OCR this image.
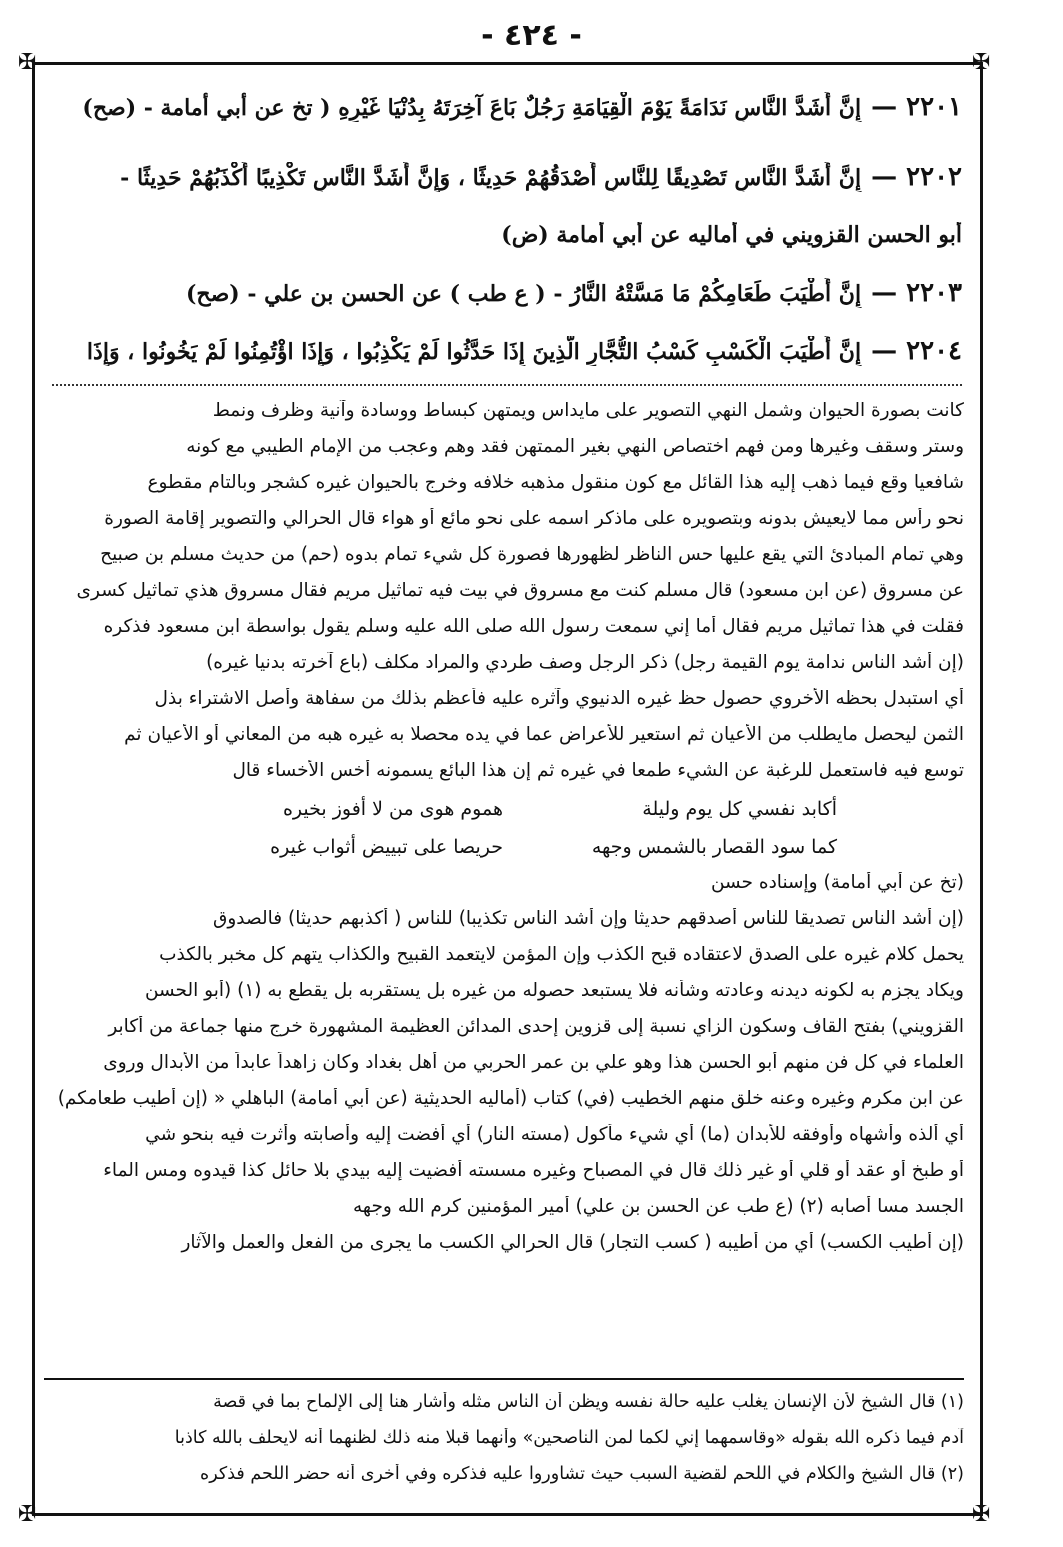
- ٤٢٤ -
✠	✠
✠	✠
٢٢٠١ —إِنَّ أَشَدَّ النَّاسِ نَدَامَةً يَوْمَ الْقِيَامَةِ رَجُلٌ بَاعَ آخِرَتَهُ بِدُنْيَا غَيْرِهِ ( تخ عن أبي أمامة - (صح)
٢٢٠٢ —إِنَّ أَشَدَّ النَّاسِ تَصْدِيقًا لِلنَّاسِ أَصْدَقُهُمْ حَدِيثًا ، وَإِنَّ أَشَدَّ النَّاسِ تَكْذِيبًا أَكْذَبُهُمْ حَدِيثًا -
أبو الحسن القزويني في أماليه عن أبي أمامة (ض)
٢٢٠٣ —إِنَّ أَطْيَبَ طَعَامِكُمْ مَا مَسَّتْهُ النَّارُ - ( ع طب ) عن الحسن بن علي - (صح)
٢٢٠٤ —إِنَّ أَطْيَبَ الْكَسْبِ كَسْبُ التُّجَّارِ الَّذِينَ إِذَا حَدَّثُوا لَمْ يَكْذِبُوا ، وَإِذَا اؤْتُمِنُوا لَمْ يَخُونُوا ، وَإِذَا
كانت بصورة الحيوان وشمل النهي التصوير على مايداس ويمتهن كبساط ووسادة وآنية وظرف ونمط
وستر وسقف وغيرها ومن فهم اختصاص النهي بغير الممتهن فقد وهم وعجب من الإمام الطيبي مع كونه
شافعيا وقع فيما ذهب إليه هذا القائل مع كون منقول مذهبه خلافه وخرج بالحيوان غيره كشجر وبالتام مقطوع
نحو رأس مما لايعيش بدونه وبتصويره على ماذكر اسمه على نحو مائع أو هواء قال الحرالي والتصوير إقامة الصورة
وهي تمام المبادئ التي يقع عليها حس الناظر لظهورها فصورة كل شيء تمام بدوه (حم) من حديث مسلم بن صبيح
عن مسروق (عن ابن مسعود) قال مسلم كنت مع مسروق في بيت فيه تماثيل مريم فقال مسروق هذي تماثيل كسرى
فقلت في هذا تماثيل مريم فقال أما إني سمعت رسول الله صلى الله عليه وسلم يقول بواسطة ابن مسعود فذكره
(إن أشد الناس ندامة يوم القيمة رجل) ذكر الرجل وصف طردي والمراد مكلف (باع آخرته بدنيا غيره)
أي استبدل بحظه الأخروي حصول حظ غيره الدنيوي وآثره عليه فأعظم بذلك من سفاهة وأصل الاشتراء بذل
الثمن ليحصل مايطلب من الأعيان ثم استعير للأعراض عما في يده محصلا به غيره هبه من المعاني أو الأعيان ثم
توسع فيه فاستعمل للرغبة عن الشيء طمعا في غيره ثم إن هذا البائع يسمونه أخس الأخساء قال
أكابد نفسي كل يوم وليلة
هموم هوى من لا أفوز بخيره
كما سود القصار بالشمس وجهه
حريصا على تبييض أثواب غيره
(تخ عن أبي أمامة) وإسناده حسن
(إن أشد الناس تصديقا للناس أصدقهم حديثا وإن أشد الناس تكذيبا) للناس ( أكذبهم حديثا) فالصدوق
يحمل كلام غيره على الصدق لاعتقاده قبح الكذب وإن المؤمن لايتعمد القبيح والكذاب يتهم كل مخبر بالكذب
ويكاد يجزم به لكونه ديدنه وعادته وشأنه فلا يستبعد حصوله من غيره بل يستقربه بل يقطع به (١) (أبو الحسن
القزويني) بفتح القاف وسكون الزاي نسبة إلى قزوين إحدى المدائن العظيمة المشهورة خرج منها جماعة من أكابر
العلماء في كل فن منهم أبو الحسن هذا وهو علي بن عمر الحربي من أهل بغداد وكان زاهداً عابداً من الأبدال وروى
عن ابن مكرم وغيره وعنه خلق منهم الخطيب (في) كتاب (أماليه الحديثية (عن أبي أمامة) الباهلي « (إن أطيب طعامكم)
أي ألذه وأشهاه وأوفقه للأبدان (ما) أي شيء مأكول (مسته النار) أي أفضت إليه وأصابته وأثرت فيه بنحو شي
أو طبخ أو عقد أو قلي أو غير ذلك قال في المصباح وغيره مسسته أفضيت إليه بيدي بلا حائل كذا قيدوه ومس الماء
الجسد مسا أصابه (٢) (ع طب عن الحسن بن علي) أمير المؤمنين كرم الله وجهه
(إن أطيب الكسب) أي من أطيبه ( كسب التجار) قال الحرالي الكسب ما يجرى من الفعل والعمل والآثار
(١) قال الشيخ لأن الإنسان يغلب عليه حالة نفسه ويظن أن الناس مثله وأشار هنا إلى الإلماح بما في قصة
آدم فيما ذكره الله بقوله «وقاسمهما إني لكما لمن الناصحين» وأنهما قبلا منه ذلك لظنهما أنه لايحلف بالله كاذبا
(٢) قال الشيخ والكلام في اللحم لقضية السبب حيث تشاوروا عليه فذكره وفي أخرى أنه حضر اللحم فذكره
